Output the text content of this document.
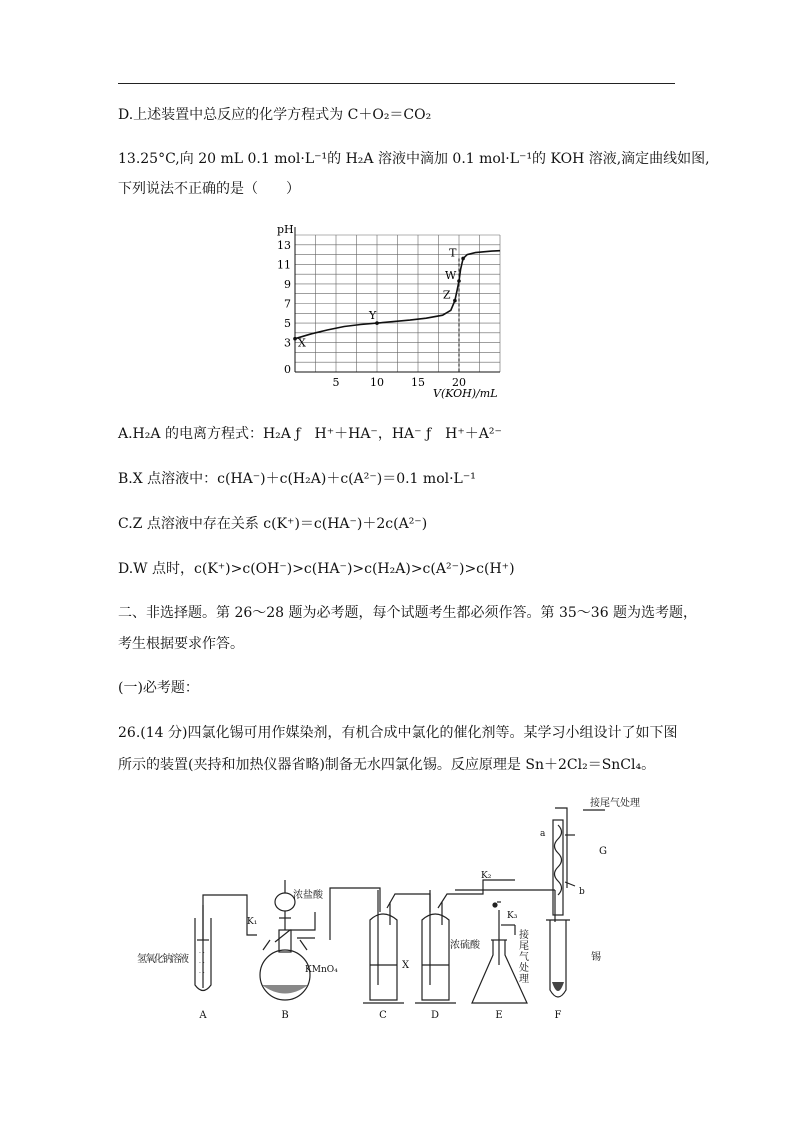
D.上述装置中总反应的化学方程式为 C＋O₂＝CO₂
13.25°C,向 20 mL 0.1 mol·L⁻¹的 H₂A 溶液中滴加 0.1 mol·L⁻¹的 KOH 溶液,滴定曲线如图,
下列说法不正确的是（　　）
pH
V(KOH)/mL
5	10 15 20
0
3
5
7
9
11
13
X
Y
Z
W
T
A.H₂A 的电离方程式：H₂A ƒ　H⁺＋HA⁻，HA⁻ ƒ　H⁺＋A²⁻
B.X 点溶液中：c(HA⁻)＋c(H₂A)＋c(A²⁻)＝0.1 mol·L⁻¹
C.Z 点溶液中存在关系 c(K⁺)＝c(HA⁻)＋2c(A²⁻)
D.W 点时，c(K⁺)>c(OH⁻)>c(HA⁻)>c(H₂A)>c(A²⁻)>c(H⁺)
二、非选择题。第 26～28 题为必考题，每个试题考生都必须作答。第 35～36 题为选考题，
考生根据要求作答。
(一)必考题：
26.(14 分)四氯化锡可用作媒染剂，有机合成中氯化的催化剂等。某学习小组设计了如下图
所示的装置(夹持和加热仪器省略)制备无水四氯化锡。反应原理是 Sn＋2Cl₂＝SnCl₄。
· ·
· ·
· ·
接尾气处理
氢氧化钠溶液
浓盐酸
KMnO₄	X
浓硫酸
锡
K₁
K₂
K₃
a
b
G
接尾气处理
A	B	C	D	E	F
